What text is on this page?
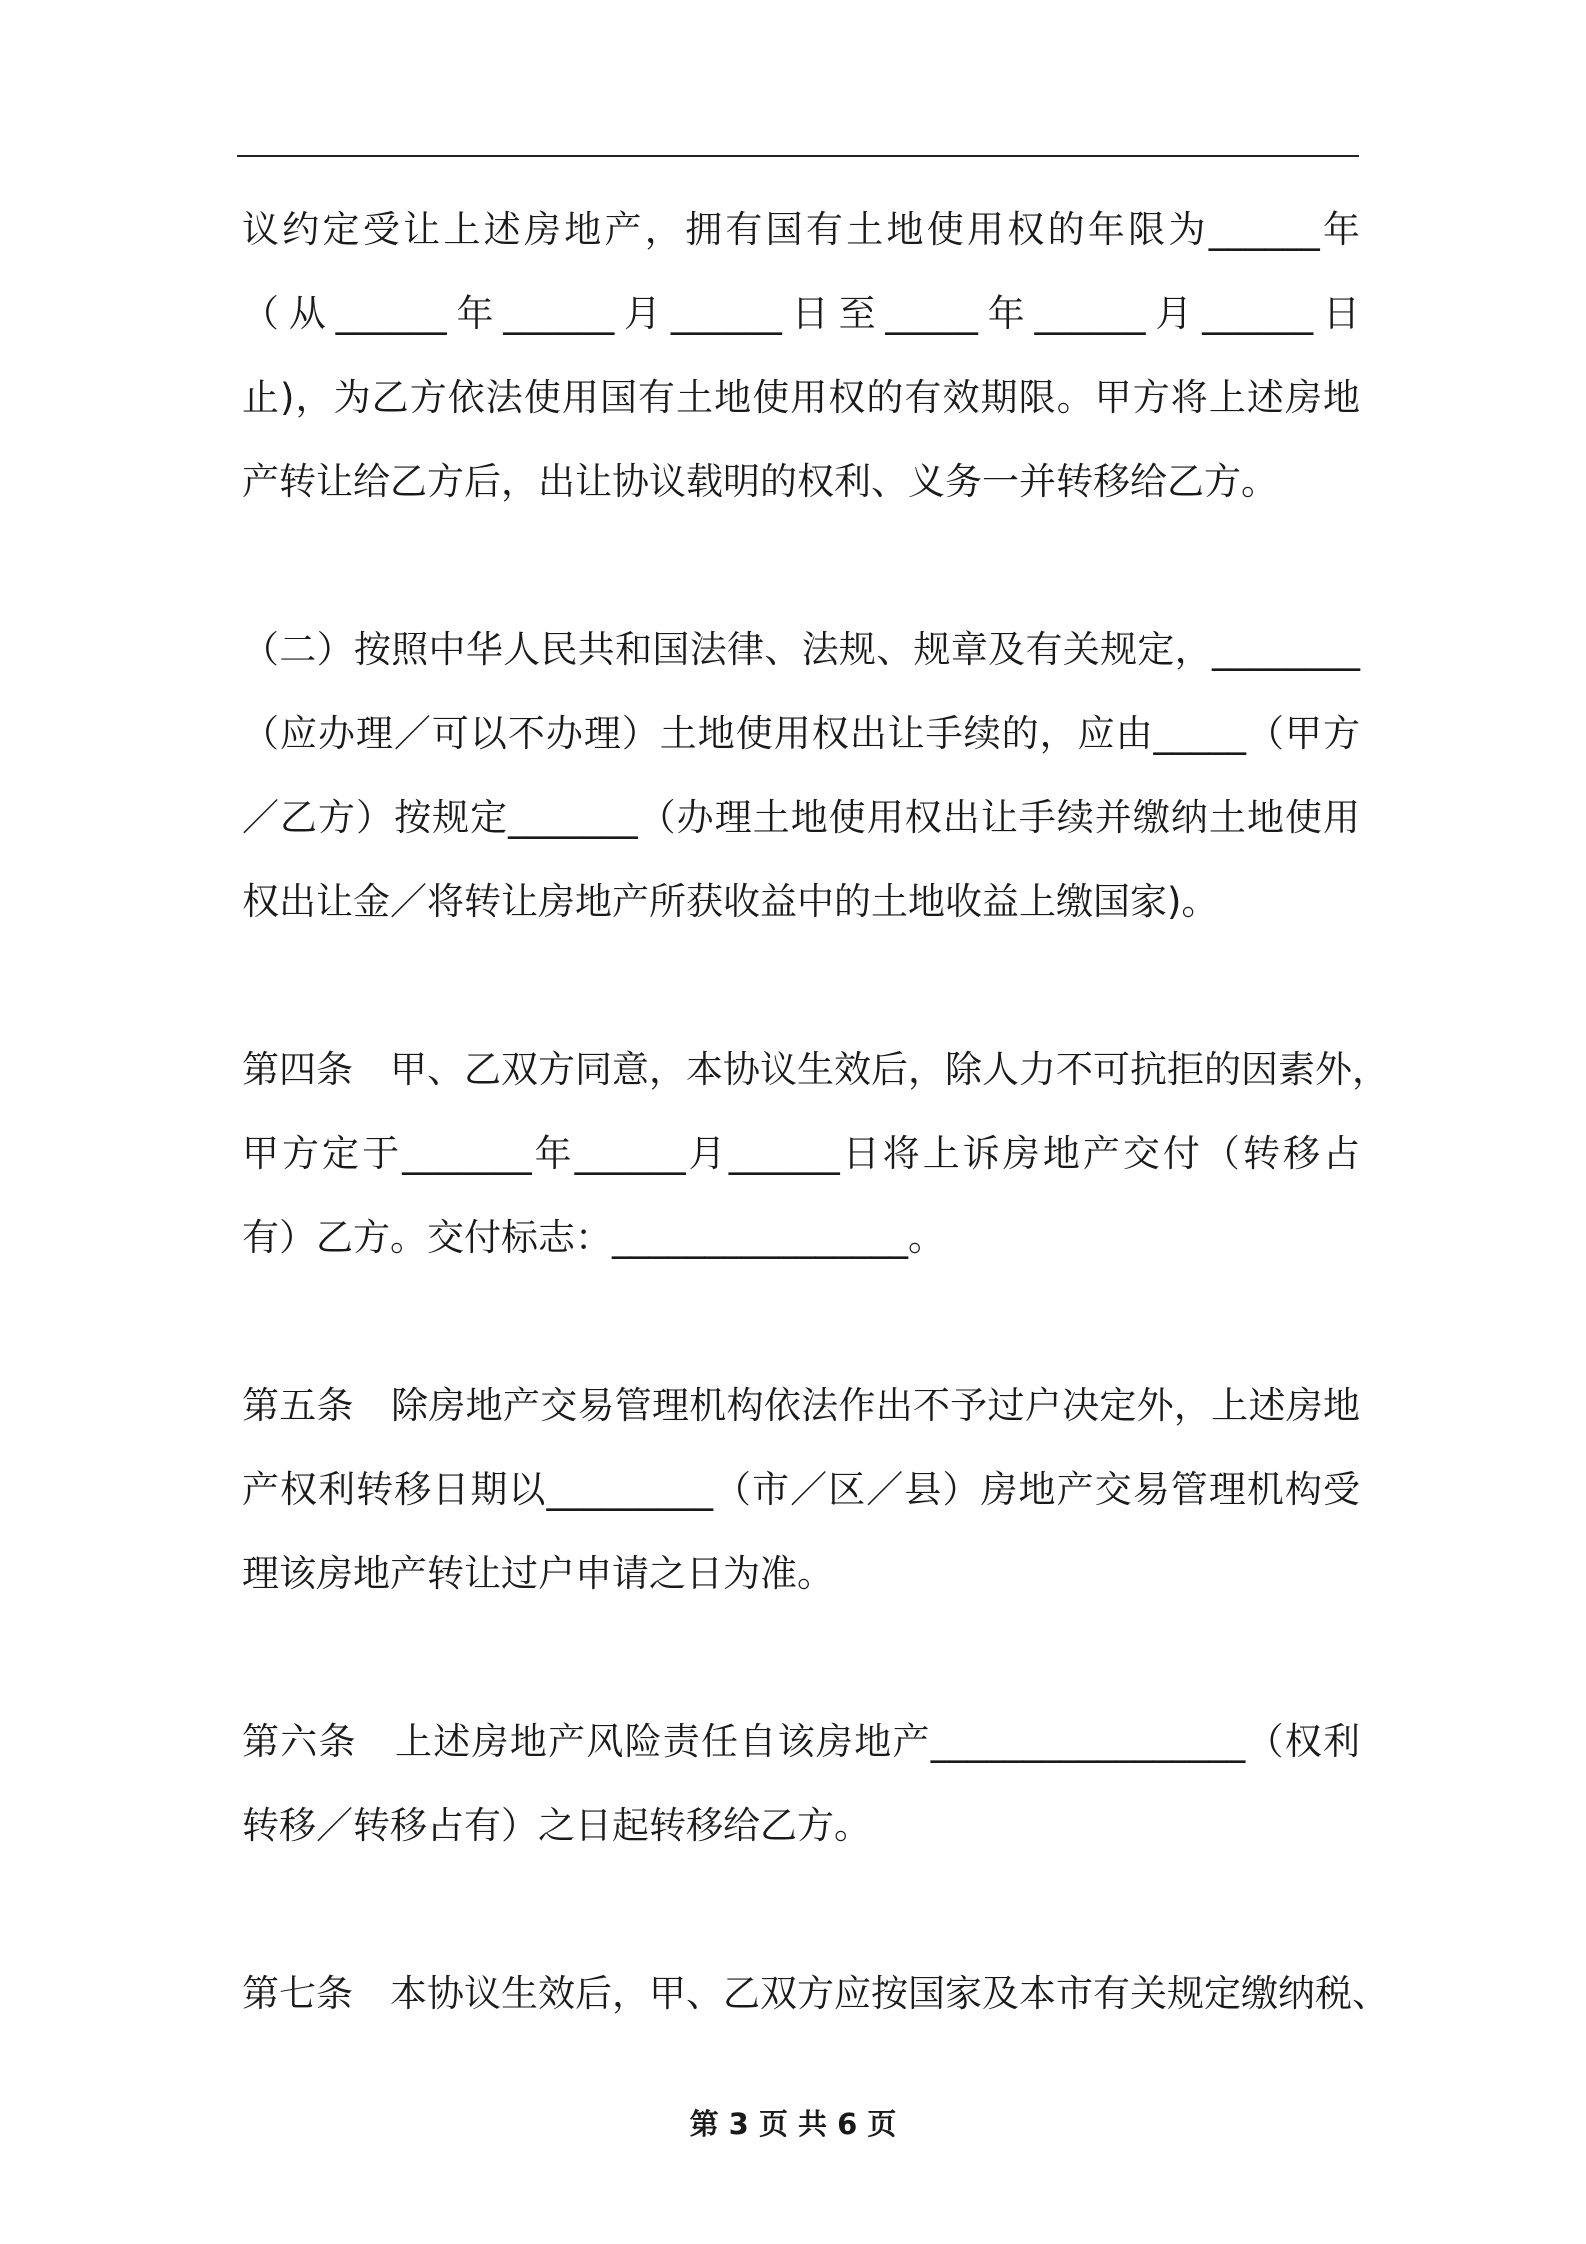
议约定受让上述房地产，拥有国有土地使用权的年限为______年
（从______年______月______日至_____年______月______日
止)，为乙方依法使用国有土地使用权的有效期限。甲方将上述房地
产转让给乙方后，出让协议载明的权利、义务一并转移给乙方。
（二）按照中华人民共和国法律、法规、规章及有关规定，________
（应办理／可以不办理）土地使用权出让手续的，应由_____（甲方
／乙方）按规定_______（办理土地使用权出让手续并缴纳土地使用
权出让金／将转让房地产所获收益中的土地收益上缴国家)。
第四条　甲、乙双方同意，本协议生效后，除人力不可抗拒的因素外，
甲方定于_______年______月______日将上诉房地产交付（转移占
有）乙方。交付标志：________________。
第五条　除房地产交易管理机构依法作出不予过户决定外，上述房地
产权利转移日期以_________（市／区／县）房地产交易管理机构受
理该房地产转让过户申请之日为准。
第六条　上述房地产风险责任自该房地产_________________（权利
转移／转移占有）之日起转移给乙方。
第七条　本协议生效后，甲、乙双方应按国家及本市有关规定缴纳税、
第 3 页 共 6 页
